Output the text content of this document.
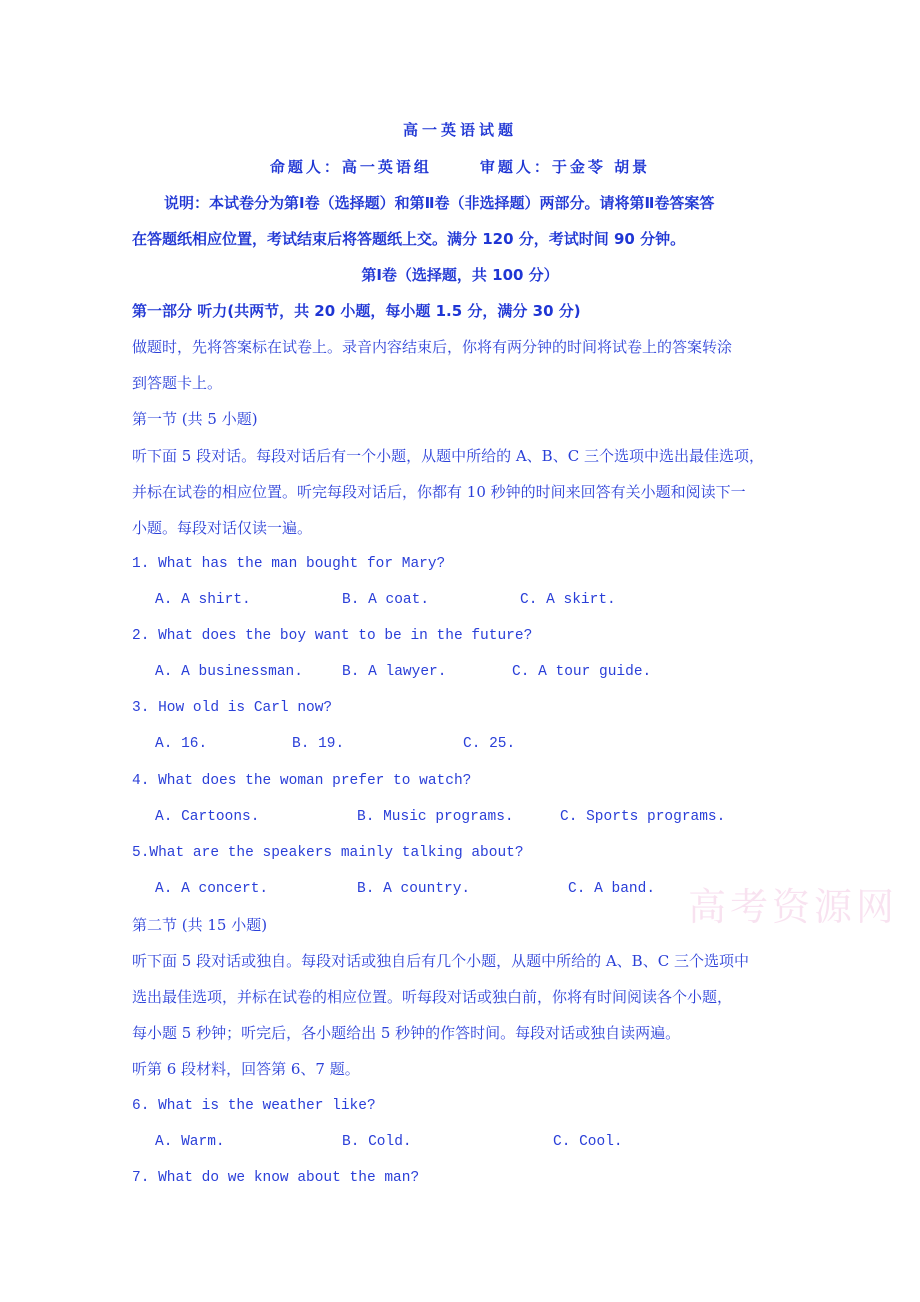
高一英语试题
命题人：高一英语组	审题人：于金苓 胡景
说明：本试卷分为第Ⅰ卷（选择题）和第Ⅱ卷（非选择题）两部分。请将第Ⅱ卷答案答
在答题纸相应位置，考试结束后将答题纸上交。满分 120 分，考试时间 90 分钟。
第Ⅰ卷（选择题，共 100 分）
第一部分 听力(共两节，共 20 小题，每小题 1.5 分，满分 30 分)
做题时，先将答案标在试卷上。录音内容结束后，你将有两分钟的时间将试卷上的答案转涂
到答题卡上。
第一节 (共 5 小题)
听下面 5 段对话。每段对话后有一个小题，从题中所给的 A、B、C 三个选项中选出最佳选项，
并标在试卷的相应位置。听完每段对话后，你都有 10 秒钟的时间来回答有关小题和阅读下一
小题。每段对话仅读一遍。
1. What has the man bought for Mary?
A. A shirt.	B. A coat.	C. A skirt.
2. What does the boy want to be in the future?
A. A businessman.	B. A lawyer.	C. A tour guide.
3. How old is Carl now?
A. 16.	B. 19.	C. 25.
4. What does the woman prefer to watch?
A. Cartoons.	B. Music programs.	C. Sports programs.
5.What are the speakers mainly talking about?
A. A concert.	B. A country.	C. A band. 高考资源网
第二节 (共 15 小题)
听下面 5 段对话或独自。每段对话或独自后有几个小题，从题中所给的 A、B、C 三个选项中
选出最佳选项，并标在试卷的相应位置。听每段对话或独白前，你将有时间阅读各个小题，
每小题 5 秒钟；听完后，各小题给出 5 秒钟的作答时间。每段对话或独自读两遍。
听第 6 段材料，回答第 6、7 题。
6. What is the weather like?
A. Warm.	B. Cold.	C. Cool.
7. What do we know about the man?
